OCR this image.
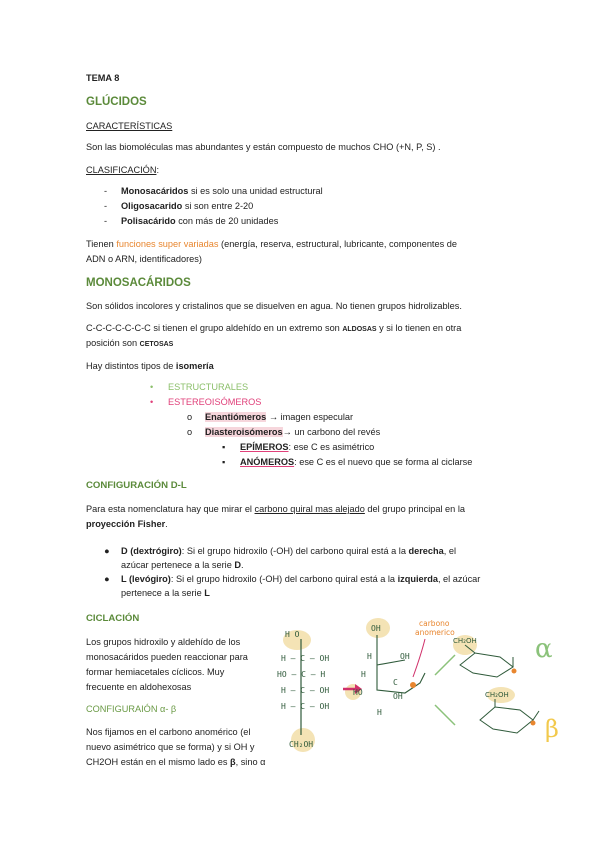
TEMA 8
GLÚCIDOS
CARACTERÍSTICAS
Son las biomoléculas mas abundantes y están compuesto de muchos CHO (+N, P, S) .
CLASIFICACIÓN:
- Monosacáridos si es solo una unidad estructural
- Oligosacarido si son entre 2-20
- Polisacárido con más de 20 unidades
Tienen funciones super variadas (energía, reserva, estructural, lubricante, componentes de
ADN o ARN, identificadores)
MONOSACÁRIDOS
Son sólidos incolores y cristalinos que se disuelven en agua. No tienen grupos hidrolizables.
C-C-C-C-C-C-C si tienen el grupo aldehído en un extremo son ALDOSAS y si lo tienen en otra
posición son CETOSAS
Hay distintos tipos de isomería
• ESTRUCTURALES
• ESTEREOISÓMEROS
o Enantiómeros → imagen especular
o Diasteroisómeros→ un carbono del revés
▪ EPÍMEROS: ese C es asimétrico
▪ ANÓMEROS: ese C es el nuevo que se forma al ciclarse
CONFIGURACIÓN D-L
Para esta nomenclatura hay que mirar el carbono quiral mas alejado del grupo principal en la
proyección Fisher.
● D (dextrógiro): Si el grupo hidroxilo (-OH) del carbono quiral está a la derecha, el
azúcar pertenece a la serie D.
● L (levógiro): Si el grupo hidroxilo (-OH) del carbono quiral está a la izquierda, el azúcar
pertenece a la serie L
CICLACIÓN
Los grupos hidroxilo y aldehído de los
monosacáridos pueden reaccionar para
formar hemiacetales cíclicos. Muy
frecuente en aldohexosas
CONFIGURAIÓN α- β
Nos fijamos en el carbono anomérico (el
nuevo asimétrico que se forma) y si OH y
CH2OH están en el mismo lado es β, sino α
H O
H – C – OH
HO – C – H
H – C – OH
H – C – OH
CH₂OH
OH
H	OH
C
H
HO	OH
H
carbono
anomerico
CH₂OH
CH₂OH
α
β
